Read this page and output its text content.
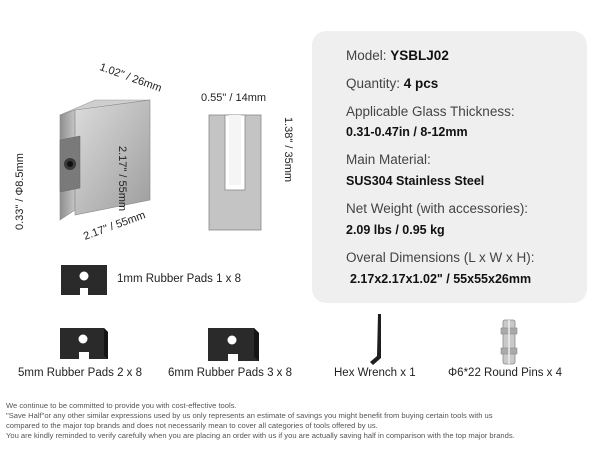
1.02" / 26mm
2.17" / 55mm
0.33" / Φ8.5mm	2.17" / 55mm
0.55" / 14mm
1.38" / 35mm
Model: YSBLJ02
Quantity: 4 pcs
Applicable Glass Thickness:
0.31-0.47in / 8-12mm
Main Material:
SUS304 Stainless Steel
Net Weight (with accessories):
2.09 lbs / 0.95 kg
Overal Dimensions (L x W x H):
2.17x2.17x1.02" / 55x55x26mm
1mm Rubber Pads 1 x 8
5mm Rubber Pads 2 x 8 6mm Rubber Pads 3 x 8	Hex Wrench x 1	Φ6*22 Round Pins x 4
We continue to be committed to provide you with cost-effective tools.
"Save Half"or any other similar expressions used by us only represents an estimate of savings you might benefit from buying certain tools with us
compared to the major top brands and does not necessarily mean to cover all categories of tools offered by us.
You are kindly reminded to verify carefully when you are placing an order with us if you are actually saving half in comparison with the top major brands.
